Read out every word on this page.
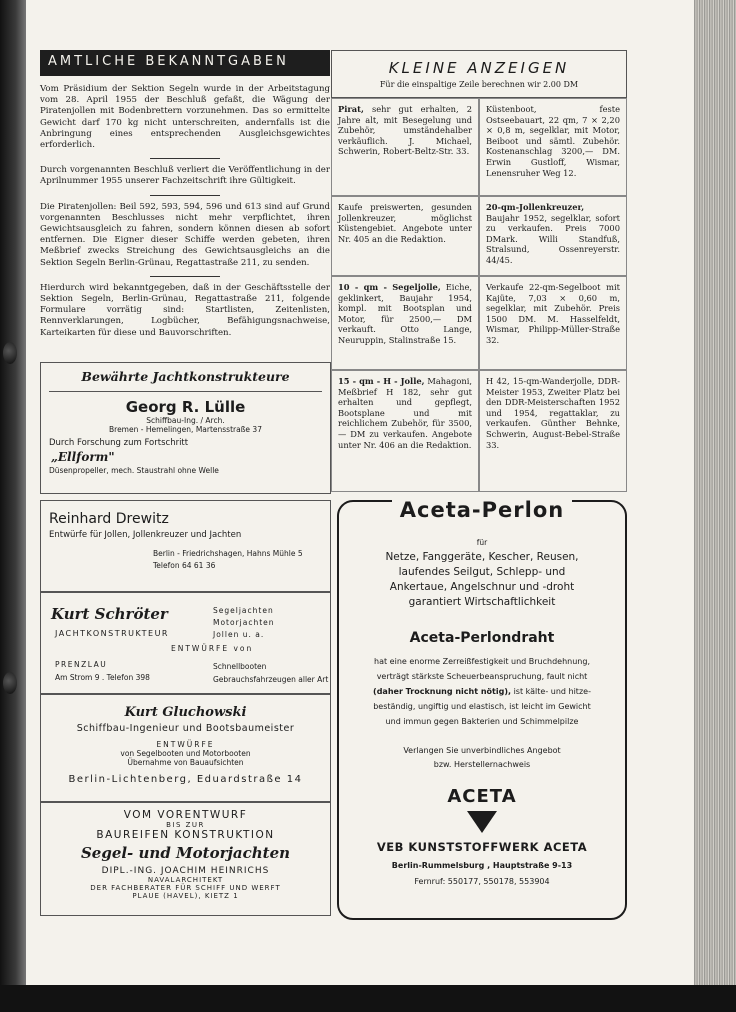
AMTLICHE BEKANNTGABEN

Vom Präsidium der Sektion Segeln wurde in der Arbeitstagung vom 28. April 1955 der Beschluß gefaßt, die Wägung der Piratenjollen mit Bodenbrettern vorzunehmen. Das so ermittelte Gewicht darf 170 kg nicht unterschreiten, andernfalls ist die Anbringung eines entsprechenden Ausgleichsgewichtes erforderlich.

Durch vorgenannten Beschluß verliert die Veröffentlichung in der Aprilnummer 1955 unserer Fachzeitschrift ihre Gültigkeit.

Die Piratenjollen: Beil 592, 593, 594, 596 und 613 sind auf Grund vorgenannten Beschlusses nicht mehr verpflichtet, ihren Gewichtsausgleich zu fahren, sondern können diesen ab sofort entfernen. Die Eigner dieser Schiffe werden gebeten, ihren Meßbrief zwecks Streichung des Gewichtsausgleichs an die Sektion Segeln Berlin-Grünau, Regattastraße 211, zu senden.

Hierdurch wird bekanntgegeben, daß in der Geschäftsstelle der Sektion Segeln, Berlin-Grünau, Regattastraße 211, folgende Formulare vorrätig sind: Startlisten, Zeitenlisten, Rennverklarungen, Logbücher, Befähigungsnachweise, Karteikarten für diese und Bauvorschriften.

Bewährte Jachtkonstrukteure
Georg R. Lülle
Schiffbau-Ing. / Arch.
Bremen - Hemelingen, Martensstraße 37
Durch Forschung zum Fortschritt
„Ellform"
Düsenpropeller, mech. Staustrahl ohne Welle
Reinhard Drewitz
Entwürfe für Jollen, Jollenkreuzer und Jachten
Berlin - Friedrichshagen, Hahns Mühle 5
Telefon 64 61 36
Kurt Schröter
JACHTKONSTRUKTEUR
Segeljachten
Motorjachten
Jollen u. a.
ENTWÜRFE von
PRENZLAU
Am Strom 9 . Telefon 398
Schnellbooten
Gebrauchsfahrzeugen aller Art
Kurt Gluchowski
Schiffbau-Ingenieur und Bootsbaumeister
ENTWÜRFE
von Segelbooten und Motorbooten
Übernahme von Bauaufsichten
Berlin-Lichtenberg, Eduardstraße 14
VOM VORENTWURF
BIS ZUR
BAUREIFEN KONSTRUKTION
Segel- und Motorjachten
DIPL.-ING. JOACHIM HEINRICHS
NAVALARCHITEKT
DER FACHBERATER FÜR SCHIFF UND WERFT
PLAUE (HAVEL), KIETZ 1
KLEINE ANZEIGEN
Für die einspaltige Zeile berechnen wir 2.00 DM
Pirat, sehr gut erhalten, 2 Jahre alt, mit Besegelung und Zubehör, umständehalber verkäuflich. J. Michael, Schwerin, Robert-Beltz-Str. 33.
Küstenboot, feste Ostseebauart, 22 qm, 7 × 2,20 × 0,8 m, segelklar, mit Motor, Beiboot und sämtl. Zubehör. Kostenanschlag 3200,— DM. Erwin Gustloff, Wismar, Lenensruher Weg 12.
Kaufe preiswerten, gesunden Jollenkreuzer, möglichst Küstengebiet. Angebote unter Nr. 405 an die Redaktion.
20-qm-Jollenkreuzer, Baujahr 1952, segelklar, sofort zu verkaufen. Preis 7000 DMark. Willi Standfuß, Stralsund, Ossenreyerstr. 44/45.
10 - qm - Segeljolle, Eiche, geklinkert, Baujahr 1954, kompl. mit Bootsplan und Motor, für 2500,— DM verkauft. Otto Lange, Neuruppin, Stalinstraße 15.
Verkaufe 22-qm-Segelboot mit Kajüte, 7,03 × 0,60 m, segelklar, mit Zubehör. Preis 1500 DM. M. Hasselfeldt, Wismar, Philipp-Müller-Straße 32.
15 - qm - H - Jolle, Mahagoni, Meßbrief H 182, sehr gut erhalten und gepflegt, Bootsplane und mit reichlichem Zubehör, für 3500,— DM zu verkaufen. Angebote unter Nr. 406 an die Redaktion.
H 42, 15-qm-Wanderjolle, DDR-Meister 1953, Zweiter Platz bei den DDR-Meisterschaften 1952 und 1954, regattaklar, zu verkaufen. Günther Behnke, Schwerin, August-Bebel-Straße 33.
Aceta-Perlon
für

Netze, Fanggeräte, Kescher, Reusen,

laufendes Seilgut, Schlepp- und

Ankertaue, Angelschnur und -droht

garantiert Wirtschaftlichkeit

Aceta-Perlondraht

hat eine enorme Zerreißfestigkeit und Bruchdehnung,

verträgt stärkste Scheuerbeanspruchung, fault nicht

(daher Trocknung nicht nötig), ist kälte- und hitze-

beständig, ungiftig und elastisch, ist leicht im Gewicht

und immun gegen Bakterien und Schimmelpilze

Verlangen Sie unverbindliches Angebot

bzw. Herstellernachweis

ACETA
VEB KUNSTSTOFFWERK ACETA
Berlin-Rummelsburg , Hauptstraße 9-13
Fernruf: 550177, 550178, 553904
